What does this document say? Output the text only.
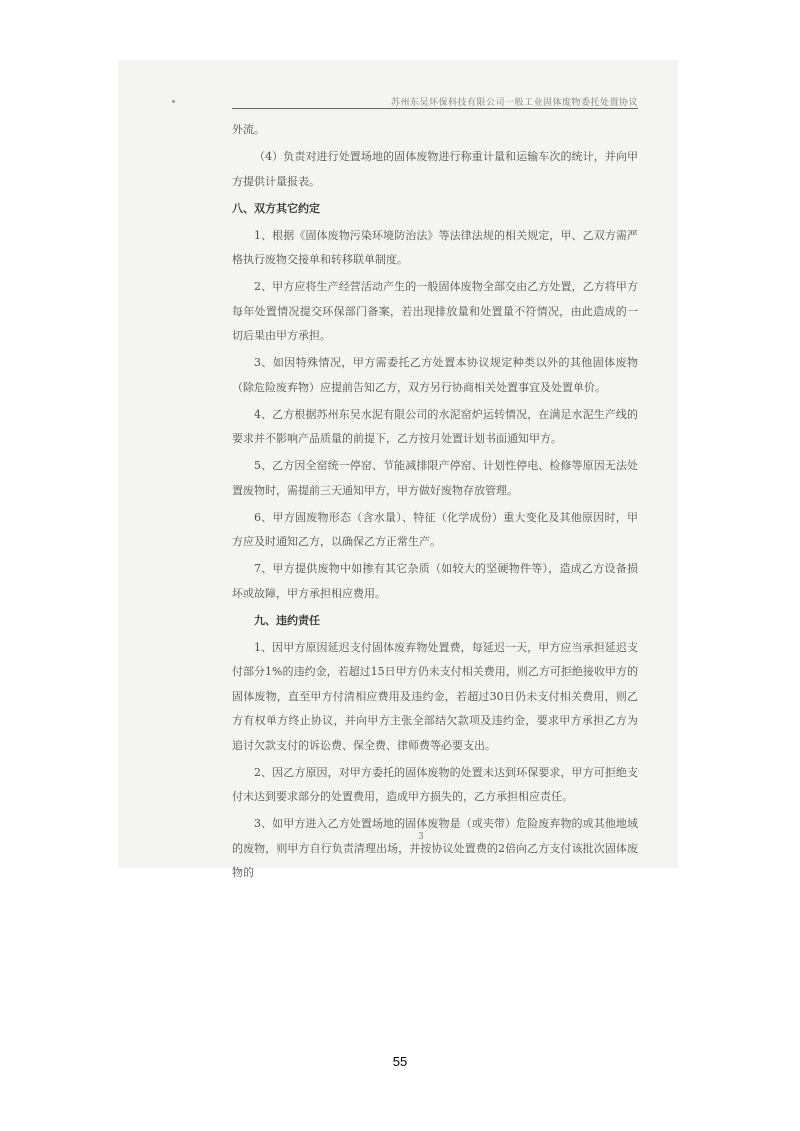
苏州东吴环保科技有限公司一般工业固体废物委托处置协议

外流。

（4）负责对进行处置场地的固体废物进行称重计量和运输车次的统计，并向甲方提供计量报表。

八、双方其它约定

1、根据《固体废物污染环境防治法》等法律法规的相关规定，甲、乙双方需严格执行废物交接单和转移联单制度。

2、甲方应将生产经营活动产生的一般固体废物全部交由乙方处置，乙方将甲方每年处置情况提交环保部门备案，若出现排放量和处置量不符情况，由此造成的一切后果由甲方承担。

3、如因特殊情况，甲方需委托乙方处置本协议规定种类以外的其他固体废物（除危险废弃物）应提前告知乙方，双方另行协商相关处置事宜及处置单价。

4、乙方根据苏州东吴水泥有限公司的水泥窑炉运转情况，在满足水泥生产线的要求并不影响产品质量的前提下，乙方按月处置计划书面通知甲方。

5、乙方因全窑统一停窑、节能减排限产停窑、计划性停电、检修等原因无法处置废物时，需提前三天通知甲方，甲方做好废物存放管理。

6、甲方固废物形态（含水量）、特征（化学成份）重大变化及其他原因时，甲方应及时通知乙方，以确保乙方正常生产。

7、甲方提供废物中如掺有其它杂质（如较大的坚硬物件等），造成乙方设备损坏或故障，甲方承担相应费用。

九、违约责任

1、因甲方原因延迟支付固体废弃物处置费，每延迟一天，甲方应当承担延迟支付部分1%的违约金，若超过15日甲方仍未支付相关费用，则乙方可拒绝接收甲方的固体废物，直至甲方付清相应费用及违约金，若超过30日仍未支付相关费用，则乙方有权单方终止协议，并向甲方主张全部结欠款项及违约金，要求甲方承担乙方为追讨欠款支付的诉讼费、保全费、律师费等必要支出。

2、因乙方原因，对甲方委托的固体废物的处置未达到环保要求，甲方可拒绝支付未达到要求部分的处置费用，造成甲方损失的，乙方承担相应责任。

3、如甲方进入乙方处置场地的固体废物是（或夹带）危险废弃物的或其他地域的废物，则甲方自行负责清理出场，并按协议处置费的2倍向乙方支付该批次固体废物的

3
55
